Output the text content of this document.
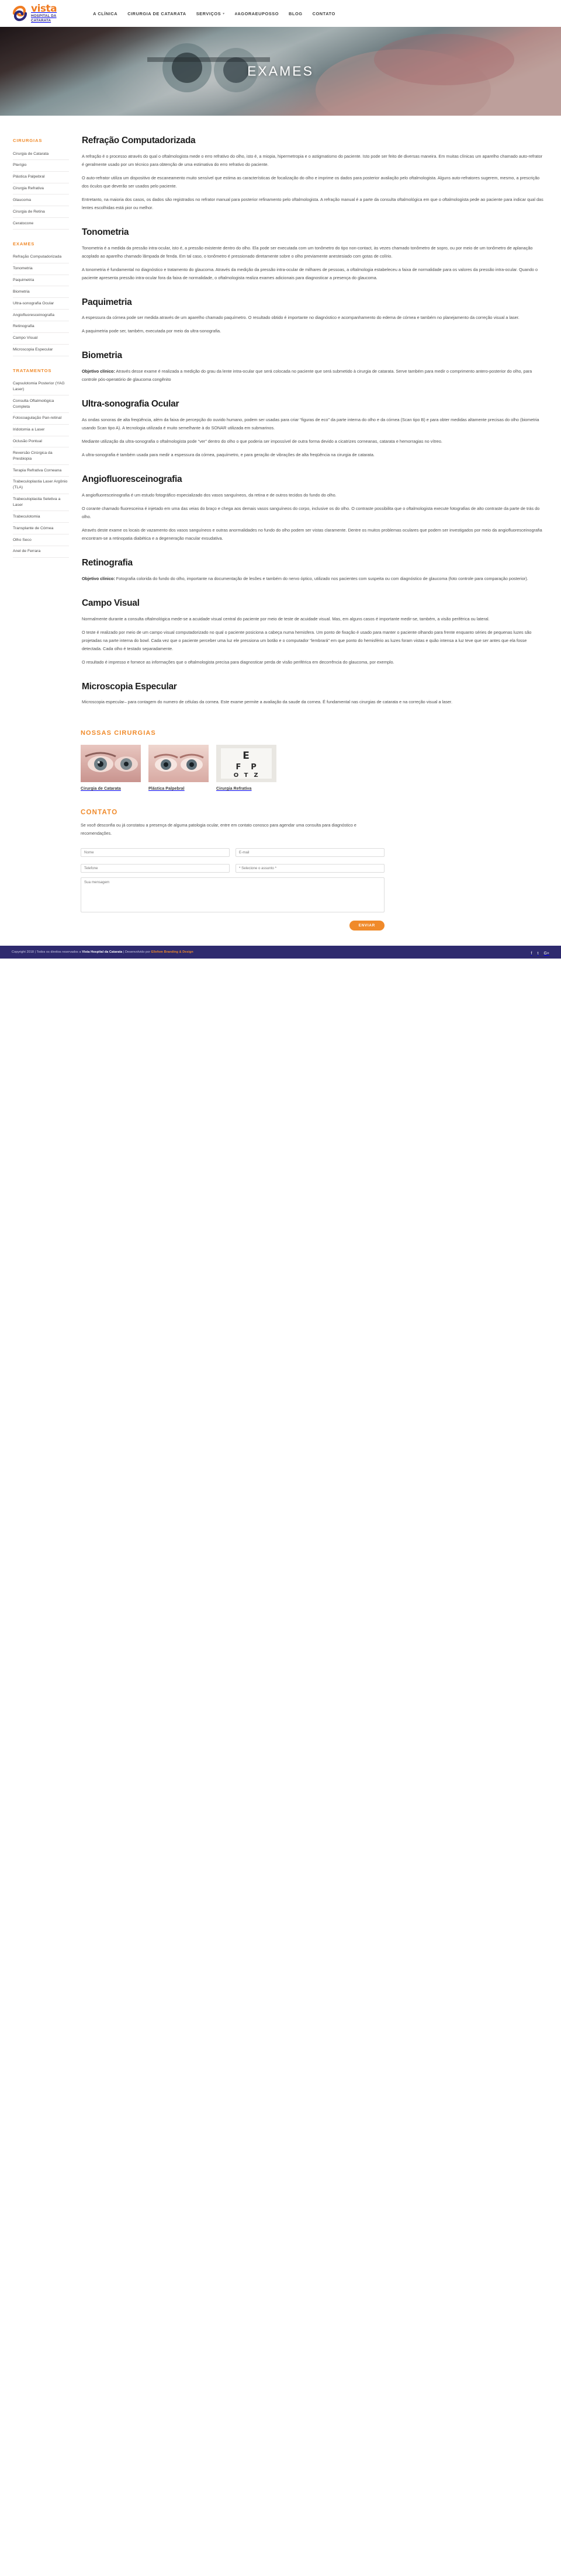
vista
HOSPITAL DA
CATARATA
A CLÍNICA CIRURGIA DE CATARATA SERVIÇOS ▾ #AGORAEUPOSSO BLOG CONTATO
EXAMES
CIRURGIAS
Cirurgia de Catarata
Pterígio
Plástica Palpebral
Cirurgia Refrativa
Glaucoma
Cirurgia de Retina
Ceratocone
EXAMES
Refração Computadorizada
Tonometria
Paquimetria
Biometria
Ultra-sonografia Ocular
Angiofluoresceinografia
Retinografia
Campo Visual
Microscopia Especular
TRATAMENTOS
Capsulotomia Posterior (YAG Laser)
Consulta Oftalmológica Completa
Fotocoagulação Pan-retinal
Iridotomia a Laser
Oclusão Pontual
Reversão Cirúrgica da Presbiopia
Terapia Refrativa Corneana
Trabeculoplastia Laser Argônio (TLA)
Trabeculoplastia Seletiva a Laser
Trabeculotomia
Transplante de Córnea
Olho Seco
Anel de Ferrara
Refração Computadorizada

A refração é o processo através do qual o oftalmologista mede o erro refrativo do olho, isto é, a miopia, hipermetropia e o astigmatismo do paciente. Isto pode ser feito de diversas maneira. Em muitas clínicas um aparelho chamado auto-refrator é geralmente usado por um técnico para obtenção de uma estimativa do erro refrativo do paciente.

O auto-refrator utiliza um dispositivo de escaneamento muito sensível que estima as características de focalização do olho e imprime os dados para posterior avaliação pelo oftalmologista. Alguns auto-refratores sugerem, mesmo, a prescrição dos óculos que deverão ser usados pelo paciente.

Entretanto, na maioria dos casos, os dados são registrados no refrator manual para posterior refinamento pelo oftalmologista. A refração manual é a parte da consulta oftalmológica em que o oftalmologista pede ao paciente para indicar qual das lentes escolhidas está pior ou melhor.

Tonometria

Tonometria é a medida da pressão intra-ocular, isto é, a pressão existente dentro do olho. Ela pode ser executada com um tonômetro do tipo non-contact, às vezes chamado tonômetro de sopro, ou por meio de um tonômetro de aplanação acoplado ao aparelho chamado lâmpada de fenda. Em tal caso, o tonômetro é pressionado diretamente sobre o olho previamente anestesiado com gotas de colírio.

A tonometria é fundamental no diagnóstico e tratamento do glaucoma. Através da medição da pressão intra-ocular de milhares de pessoas, a oftalmologia estabeleceu a faixa de normalidade para os valores da pressão intra-ocular. Quando o paciente apresenta pressão intra-ocular fora da faixa de normalidade, o oftalmologista realiza exames adicionais para diagnosticar a presença do glaucoma.

Paquimetria

A espessura da córnea pode ser medida através de um aparelho chamado paquímetro. O resultado obtido é importante no diagnóstico e acompanhamento do edema de córnea e também no planejamento da correção visual a laser.

A paquimetria pode ser, também, executada por meio da ultra-sonografia.

Biometria

Objetivo clínico: Através desse exame é realizada a medição do grau da lente intra-ocular que será colocada no paciente que será submetido à cirurgia de catarata. Serve também para medir o comprimento antero-posterior do olho, para controle pós-operatório de glaucoma congênito

Ultra-sonografia Ocular

As ondas sonoras de alta freqüência, além da faixa de percepção do ouvido humano, podem ser usadas para criar “figuras de eco” da parte interna do olho e da córnea (Scan tipo B) e para obter medidas altamente precisas do olho (biometria usando Scan tipo A). A tecnologia utilizada é muito semelhante à do SONAR utilizada em submarinos.

Mediante utilização da ultra-sonografia o oftalmologista pode “ver” dentro do olho o que poderia ser impossível de outra forma devido a cicatrizes corneanas, catarata e hemorragias no vítreo.

A ultra-sonografia é também usada para medir a espessura da córnea, paquímetro, e para geração de vibrações de alta freqüência na cirurgia de catarata.

Angiofluoresceinografia

A angiofluoresceinografia é um estudo fotográfico especializado dos vasos sanguíneos, da retina e de outros tecidos do fundo do olho.

O corante chamado fluoresceina é injetado em uma das veias do braço e chega aos demais vasos sanguíneos do corpo, inclusive os do olho. O contraste possibilita que o oftalmologista execute fotografias de alto contraste da parte de trás do olho.

Através deste exame os locais de vazamento dos vasos sanguíneos e outras anormalidades no fundo do olho podem ser vistas claramente. Dentre os muitos problemas oculares que podem ser investigados por meio da angiofluoresceinografia encontram-se a retinopatia diabética e a degeneração macular exsudativa.

Retinografia

Objetivo clínico: Fotografia colorida do fundo do olho, importante na documentação de lesões e também do nervo óptico, utilizado nos pacientes com suspeita ou com diagnóstico de glaucoma (foto controle para comparação posterior).

Campo Visual

Normalmente durante a consulta oftalmológica mede-se a acuidade visual central do paciente por meio de teste de acuidade visual. Mas, em alguns casos é importante medir-se, também, a visão periférica ou lateral.

O teste é realizado por meio de um campo visual computadorizado no qual o paciente posiciona a cabeça numa hemisfera. Um ponto de fixação é usado para manter o paciente olhando para frente enquanto séries de pequenas luzes são projetadas na parte interna do bowl. Cada vez que o paciente perceber uma luz ele pressiona um botão e o computador “lembrará” em que ponto do hemisfério as luzes foram vistas e quão intensa a luz teve que ser antes que ela fosse detectada. Cada olho é testado separadamente.

O resultado é impresso e fornece as informações que o oftalmologista precisa para diagnosticar perda de visão periférica em decorrência do glaucoma, por exemplo.

Microscopia Especular

Microscopia especular– para contagem do numero de células da cornea. Este exame permite a avaliação da saude da cornea. É fundamental nas cirurgias de catarata e na correção visual a laser.

NOSSAS CIRURGIAS
Cirurgia de Catarata	Plástica Palpebral
E
F P
O T Z
Cirurgia Refrativa
CONTATO

Se você desconfia ou já constatou a presença de alguma patologia ocular, entre em contato conosco para agendar uma consulta para diagnóstico e recomendações.

Nome
E-mail
Telefone
* Selecione o assunto *
Sua mensagem
ENVIAR
Copyright 2018 | Todos os direitos reservados a Vista Hospital da Catarata | Desenvolvido por Ellefom Branding & Design	f t G+
